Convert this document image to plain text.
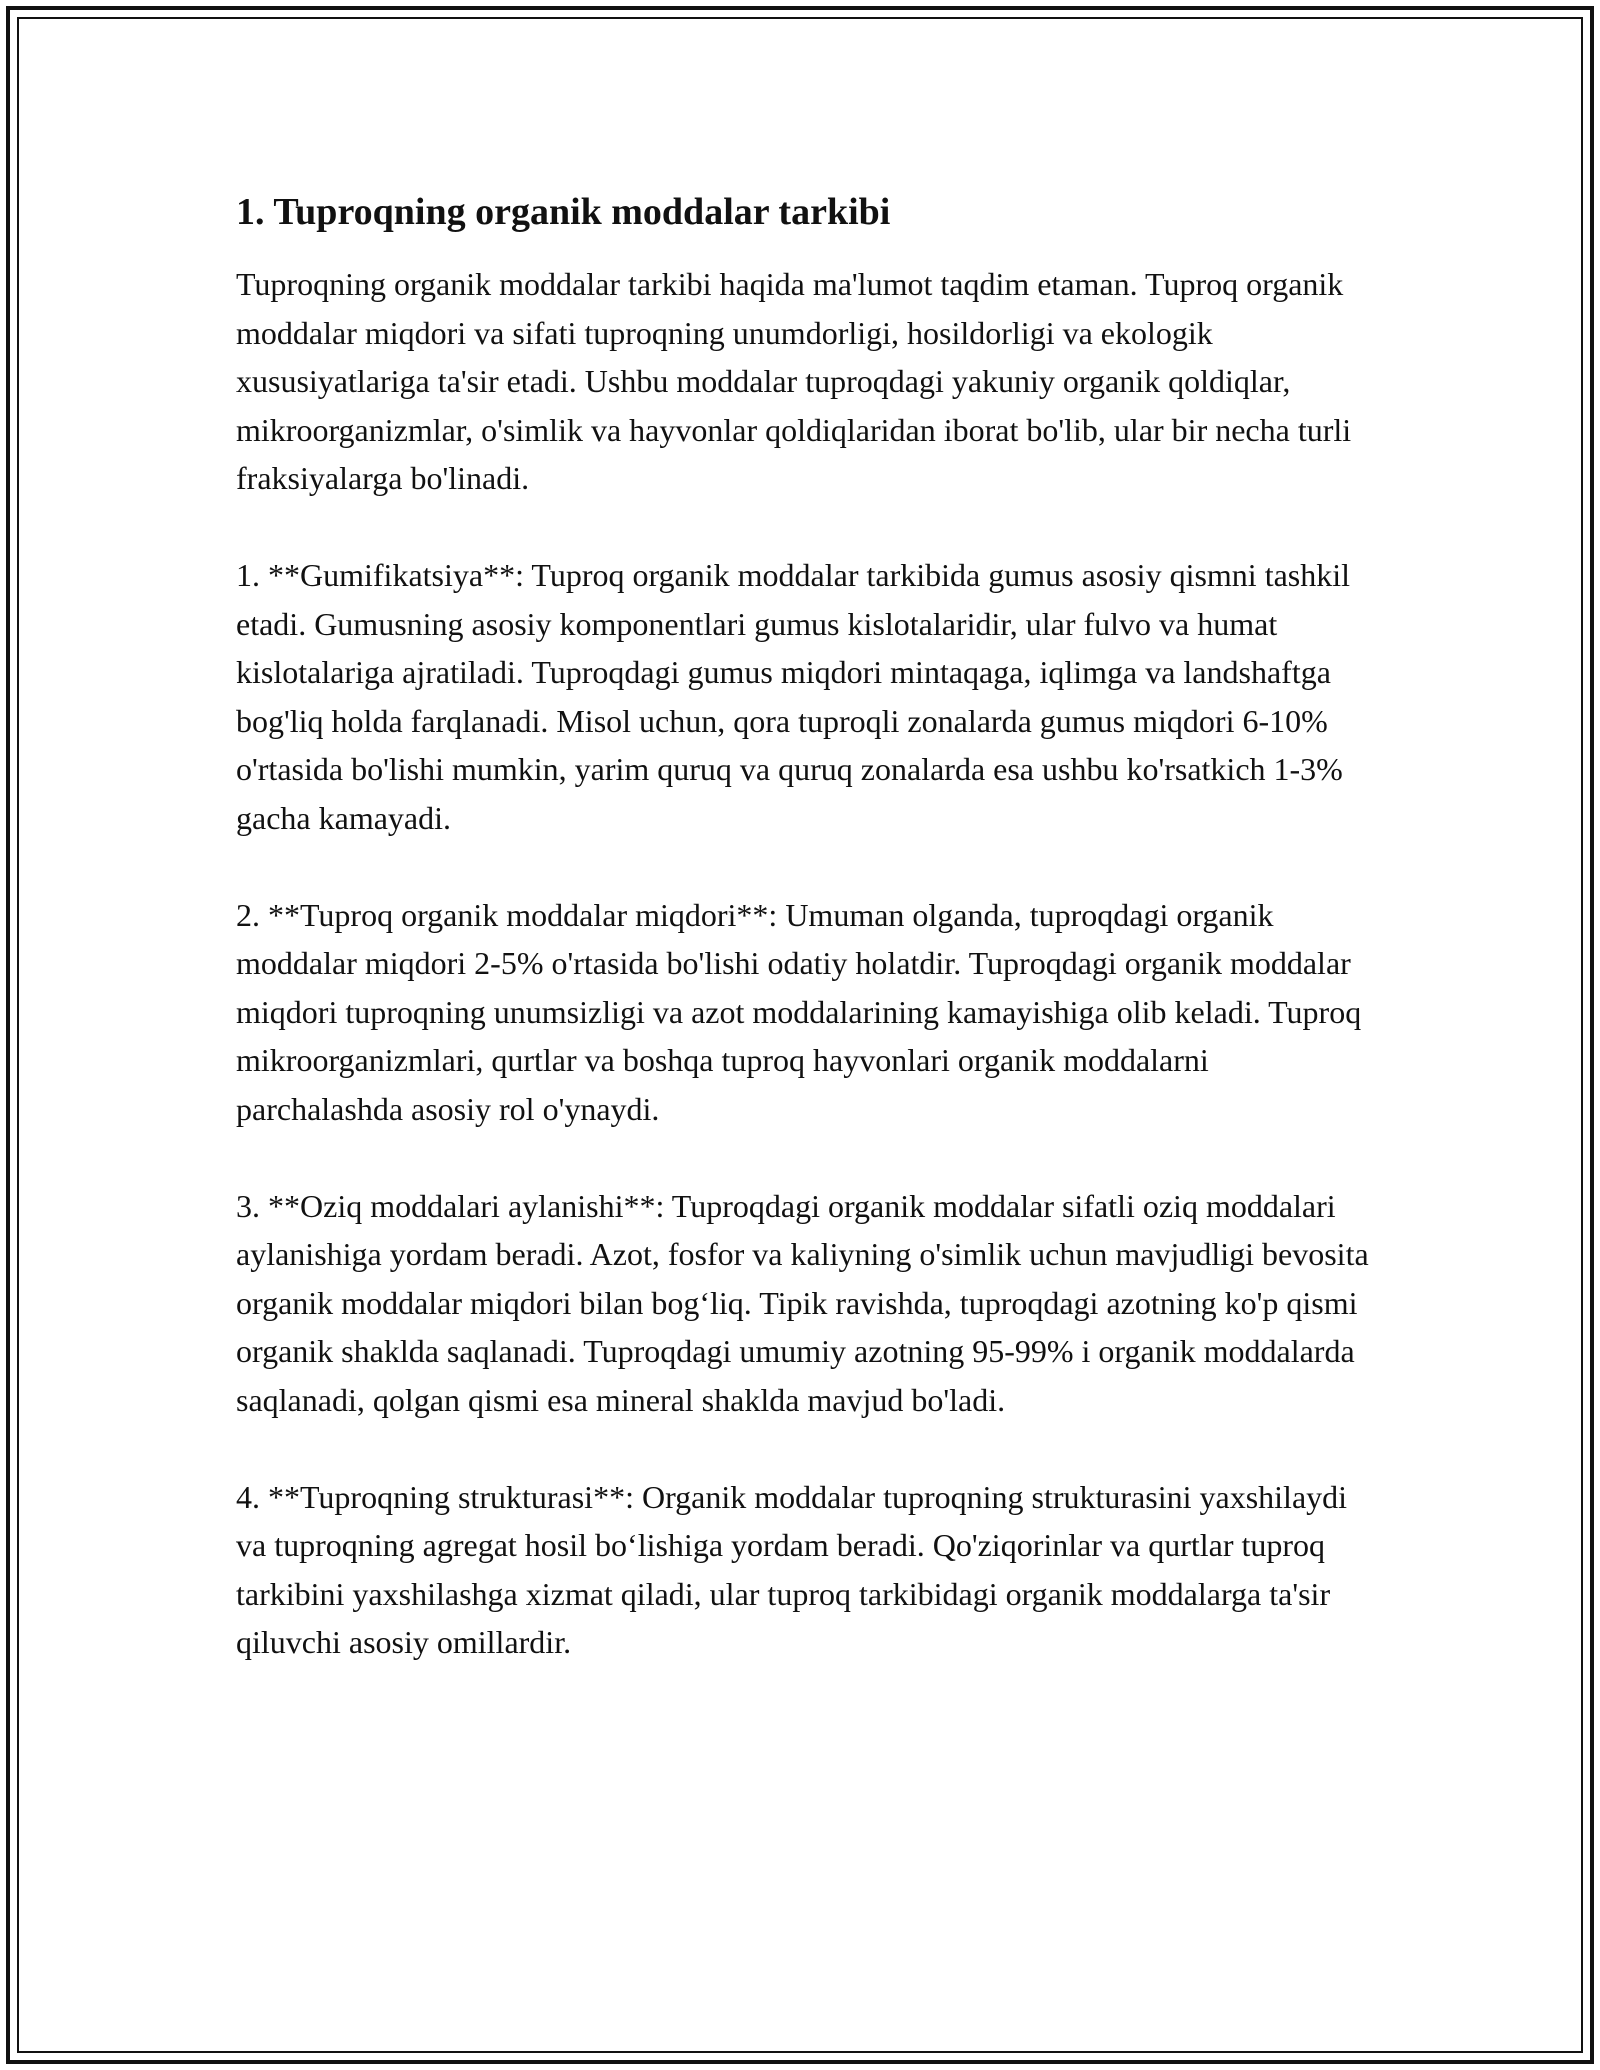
1. Tuproqning organik moddalar tarkibi

Tuproqning organik moddalar tarkibi haqida ma'lumot taqdim etaman. Tuproq organik moddalar miqdori va sifati tuproqning unumdorligi, hosildorligi va ekologik xususiyatlariga ta'sir etadi. Ushbu moddalar tuproqdagi yakuniy organik qoldiqlar, mikroorganizmlar, o'simlik va hayvonlar qoldiqlaridan iborat bo'lib, ular bir necha turli fraksiyalarga bo'linadi.

1. **Gumifikatsiya**: Tuproq organik moddalar tarkibida gumus asosiy qismni tashkil etadi. Gumusning asosiy komponentlari gumus kislotalaridir, ular fulvo va humat kislotalariga ajratiladi. Tuproqdagi gumus miqdori mintaqaga, iqlimga va landshaftga bog'liq holda farqlanadi. Misol uchun, qora tuproqli zonalarda gumus miqdori 6-10% o'rtasida bo'lishi mumkin, yarim quruq va quruq zonalarda esa ushbu ko'rsatkich 1-3% gacha kamayadi.

2. **Tuproq organik moddalar miqdori**: Umuman olganda, tuproqdagi organik moddalar miqdori 2-5% o'rtasida bo'lishi odatiy holatdir. Tuproqdagi organik moddalar miqdori tuproqning unumsizligi va azot moddalarining kamayishiga olib keladi. Tuproq mikroorganizmlari, qurtlar va boshqa tuproq hayvonlari organik moddalarni parchalashda asosiy rol o'ynaydi.

3. **Oziq moddalari aylanishi**: Tuproqdagi organik moddalar sifatli oziq moddalari aylanishiga yordam beradi. Azot, fosfor va kaliyning o'simlik uchun mavjudligi bevosita organik moddalar miqdori bilan bog‘liq. Tipik ravishda, tuproqdagi azotning ko'p qismi organik shaklda saqlanadi. Tuproqdagi umumiy azotning 95-99% i organik moddalarda saqlanadi, qolgan qismi esa mineral shaklda mavjud bo'ladi.

4. **Tuproqning strukturasi**: Organik moddalar tuproqning strukturasini yaxshilaydi va tuproqning agregat hosil bo‘lishiga yordam beradi. Qo'ziqorinlar va qurtlar tuproq tarkibini yaxshilashga xizmat qiladi, ular tuproq tarkibidagi organik moddalarga ta'sir qiluvchi asosiy omillardir.
